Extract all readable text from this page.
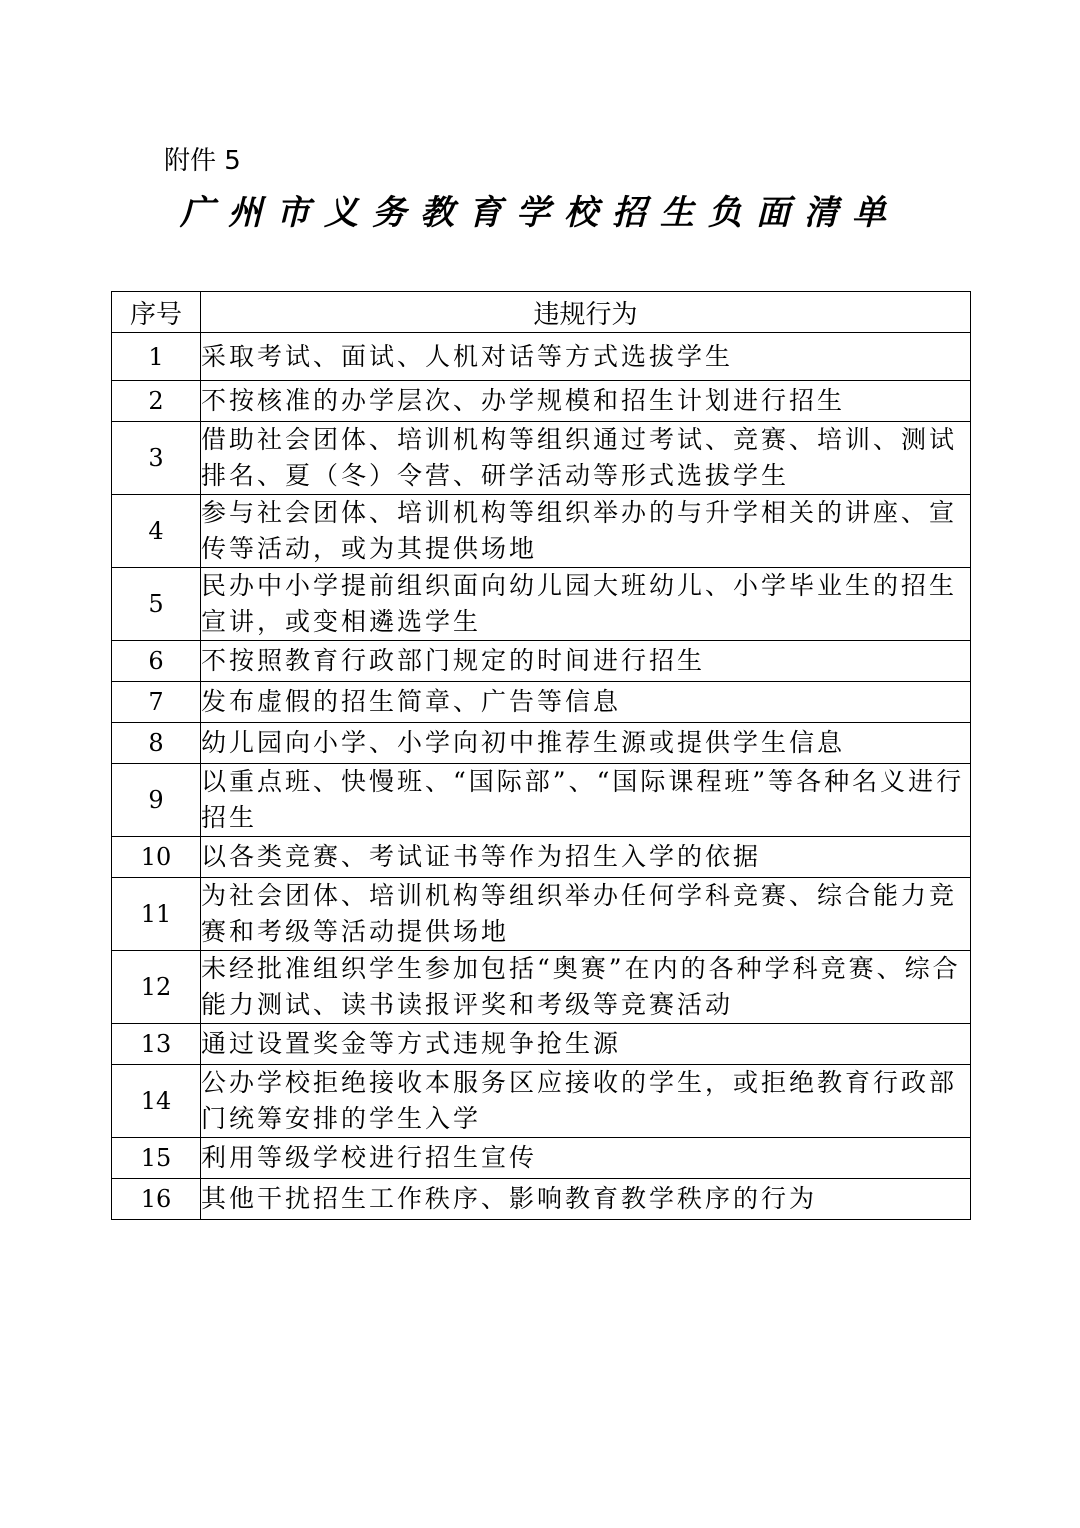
附件 5
广州市义务教育学校招生负面清单
序号	违规行为
1	采取考试、面试、人机对话等方式选拔学生
2	不按核准的办学层次、办学规模和招生计划进行招生
3	借助社会团体、培训机构等组织通过考试、竞赛、培训、测试排名、夏（冬）令营、研学活动等形式选拔学生
4	参与社会团体、培训机构等组织举办的与升学相关的讲座、宣传等活动，或为其提供场地
5	民办中小学提前组织面向幼儿园大班幼儿、小学毕业生的招生宣讲，或变相遴选学生
6	不按照教育行政部门规定的时间进行招生
7	发布虚假的招生简章、广告等信息
8	幼儿园向小学、小学向初中推荐生源或提供学生信息
9	以重点班、快慢班、“国际部”、“国际课程班”等各种名义进行招生
10	以各类竞赛、考试证书等作为招生入学的依据
11	为社会团体、培训机构等组织举办任何学科竞赛、综合能力竞赛和考级等活动提供场地
12	未经批准组织学生参加包括“奥赛”在内的各种学科竞赛、综合能力测试、读书读报评奖和考级等竞赛活动
13	通过设置奖金等方式违规争抢生源
14	公办学校拒绝接收本服务区应接收的学生，或拒绝教育行政部门统筹安排的学生入学
15	利用等级学校进行招生宣传
16	其他干扰招生工作秩序、影响教育教学秩序的行为
